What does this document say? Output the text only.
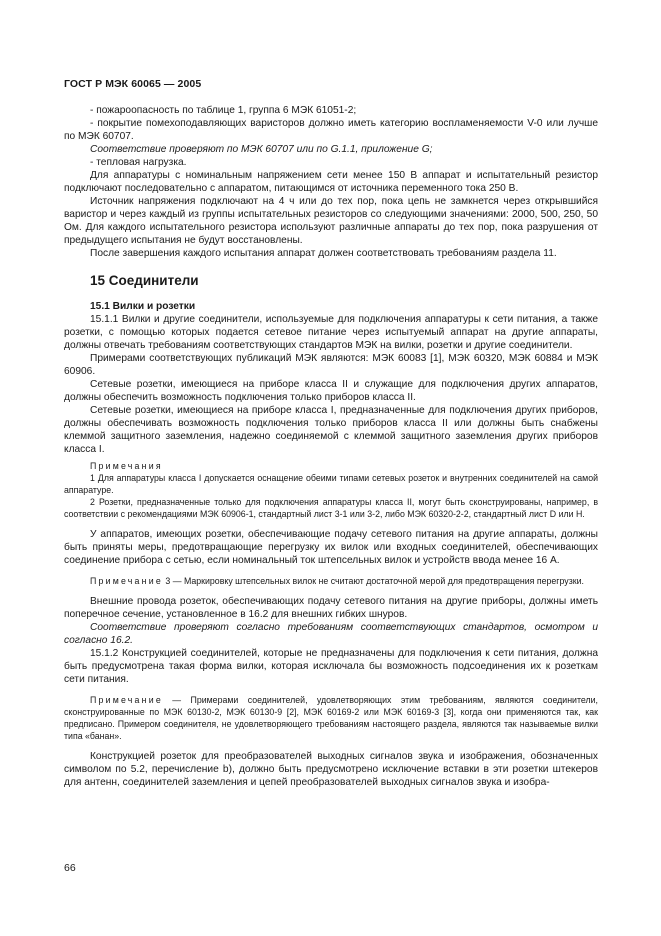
ГОСТ Р МЭК 60065 — 2005

- пожароопасность по таблице 1, группа 6 МЭК 61051-2;

- покрытие помехоподавляющих варисторов должно иметь категорию воспламеняемости V-0 или лучше по МЭК 60707.

Соответствие проверяют по МЭК 60707 или по G.1.1, приложение G;

- тепловая нагрузка.

Для аппаратуры с номинальным напряжением сети менее 150 В аппарат и испытательный резистор подключают последовательно с аппаратом, питающимся от источника переменного тока 250 В.

Источник напряжения подключают на 4 ч или до тех пор, пока цепь не замкнется через открывшийся варистор и через каждый из группы испытательных резисторов со следующими значениями: 2000, 500, 250, 50 Ом. Для каждого испытательного резистора используют различные аппараты до тех пор, пока разрушения от предыдущего испытания не будут восстановлены.

После завершения каждого испытания аппарат должен соответствовать требованиям раздела 11.

15 Соединители
15.1 Вилки и розетки

15.1.1 Вилки и другие соединители, используемые для подключения аппаратуры к сети питания, а также розетки, с помощью которых подается сетевое питание через испытуемый аппарат на другие аппараты, должны отвечать требованиям соответствующих стандартов МЭК на вилки, розетки и другие соединители.

Примерами соответствующих публикаций МЭК являются: МЭК 60083 [1], МЭК 60320, МЭК 60884 и МЭК 60906.

Сетевые розетки, имеющиеся на приборе класса II и служащие для подключения других аппаратов, должны обеспечить возможность подключения только приборов класса II.

Сетевые розетки, имеющиеся на приборе класса I, предназначенные для подключения других приборов, должны обеспечивать возможность подключения только приборов класса II или должны быть снабжены клеммой защитного заземления, надежно соединяемой с клеммой защитного заземления других приборов класса I.

Примечания

1 Для аппаратуры класса I допускается оснащение обеими типами сетевых розеток и внутренних соединителей на самой аппаратуре.

2 Розетки, предназначенные только для подключения аппаратуры класса II, могут быть сконструированы, например, в соответствии с рекомендациями МЭК 60906-1, стандартный лист 3-1 или 3-2, либо МЭК 60320-2-2, стандартный лист D или H.

У аппаратов, имеющих розетки, обеспечивающие подачу сетевого питания на другие аппараты, должны быть приняты меры, предотвращающие перегрузку их вилок или входных соединителей, обеспечивающих соединение прибора с сетью, если номинальный ток штепсельных вилок и устройств ввода менее 16 А.

Примечание 3 — Маркировку штепсельных вилок не считают достаточной мерой для предотвращения перегрузки.

Внешние провода розеток, обеспечивающих подачу сетевого питания на другие приборы, должны иметь поперечное сечение, установленное в 16.2 для внешних гибких шнуров.

Соответствие проверяют согласно требованиям соответствующих стандартов, осмотром и согласно 16.2.

15.1.2 Конструкцией соединителей, которые не предназначены для подключения к сети питания, должна быть предусмотрена такая форма вилки, которая исключала бы возможность подсоединения их к розеткам сети питания.

Примечание — Примерами соединителей, удовлетворяющих этим требованиям, являются соединители, сконструированные по МЭК 60130-2, МЭК 60130-9 [2], МЭК 60169-2 или МЭК 60169-3 [3], когда они применяются так, как предписано. Примером соединителя, не удовлетворяющего требованиям настоящего раздела, являются так называемые вилки типа «банан».

Конструкцией розеток для преобразователей выходных сигналов звука и изображения, обозначенных символом по 5.2, перечисление b), должно быть предусмотрено исключение вставки в эти розетки штекеров для антенн, соединителей заземления и цепей преобразователей выходных сигналов звука и изобра-

66
